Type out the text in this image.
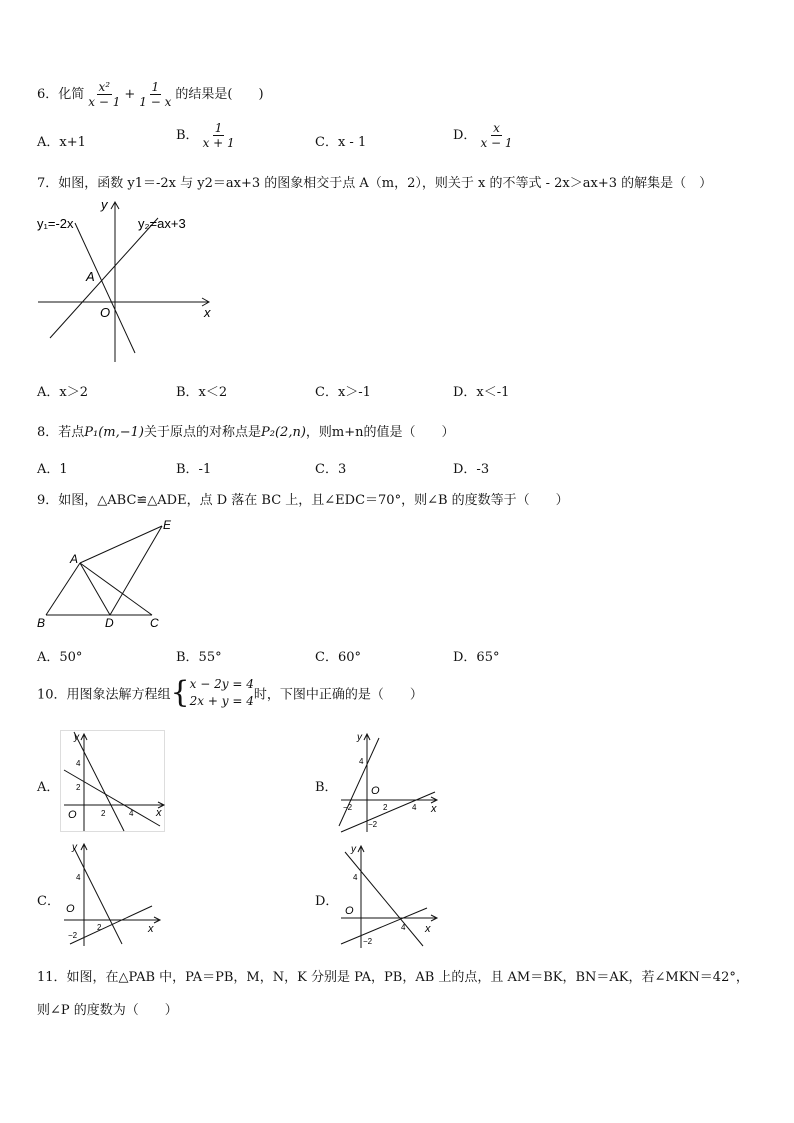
6．化简 $\frac{\text{x²}}{x - 1} + \frac{1}{1 - x}$ 的结果是(　　)
A．x+1	B． $\frac{1}{x + 1}$	C．x - 1	D． $\frac{x}{x - 1}$
7．如图，函数 y1＝-2x 与 y2＝ax+3 的图象相交于点 A（m，2），则关于 x 的不等式 - 2x＞ax+3 的解集是（　）
y₁=-2x	y₂=ax+3
y
x
O
A
A．x＞2	B．x＜2	C．x＞-1	D．x＜-1
8．若点P₁(m,−1)关于原点的对称点是P₂(2,n)，则m+n的值是（　　）
A．1	B．-1	C．3	D．-3
9．如图，△ABC≌△ADE，点 D 落在 BC 上，且∠EDC＝70°，则∠B 的度数等于（　　）
A
B	D	C
E
A．50°	B．55°	C．60°	D．65°
10．用图象法解方程组{ x − 2y = 4
2x + y = 4 时，下图中正确的是（　　）
A．	B．
C．	D．
y
x
O
4
2
2	4
y
x
O
4
−2	2	4
−2
y
x
O
4
2
−2
y
x
O
4
4
−2
11．如图，在△PAB 中，PA＝PB，M，N，K 分别是 PA，PB，AB 上的点，且 AM＝BK，BN＝AK，若∠MKN＝42°，
则∠P 的度数为（　　）
